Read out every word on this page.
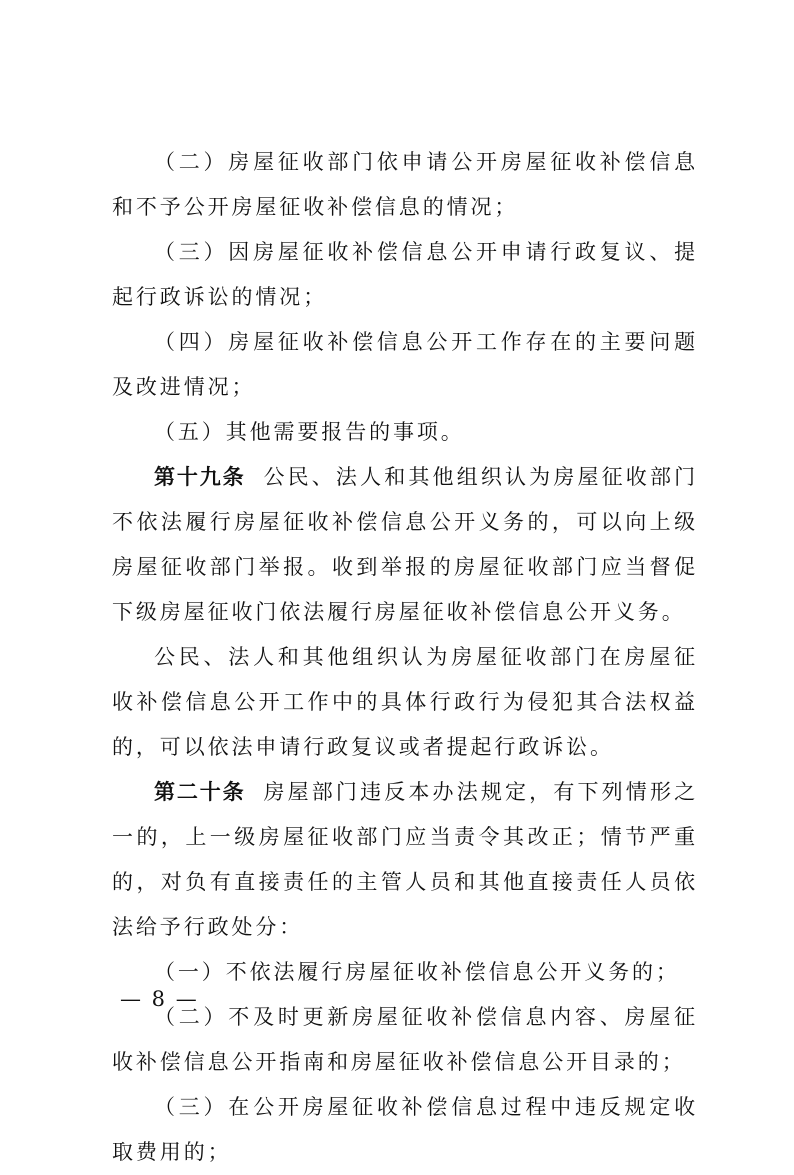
（二）房屋征收部门依申请公开房屋征收补偿信息和不予公开房屋征收补偿信息的情况；

（三）因房屋征收补偿信息公开申请行政复议、提起行政诉讼的情况；

（四）房屋征收补偿信息公开工作存在的主要问题及改进情况；

（五）其他需要报告的事项。

第十九条 公民、法人和其他组织认为房屋征收部门不依法履行房屋征收补偿信息公开义务的，可以向上级房屋征收部门举报。收到举报的房屋征收部门应当督促下级房屋征收门依法履行房屋征收补偿信息公开义务。

公民、法人和其他组织认为房屋征收部门在房屋征收补偿信息公开工作中的具体行政行为侵犯其合法权益的，可以依法申请行政复议或者提起行政诉讼。

第二十条 房屋部门违反本办法规定，有下列情形之一的，上一级房屋征收部门应当责令其改正；情节严重的，对负有直接责任的主管人员和其他直接责任人员依法给予行政处分：

（一）不依法履行房屋征收补偿信息公开义务的；

（二）不及时更新房屋征收补偿信息内容、房屋征收补偿信息公开指南和房屋征收补偿信息公开目录的；

（三）在公开房屋征收补偿信息过程中违反规定收取费用的；

— 8 —
